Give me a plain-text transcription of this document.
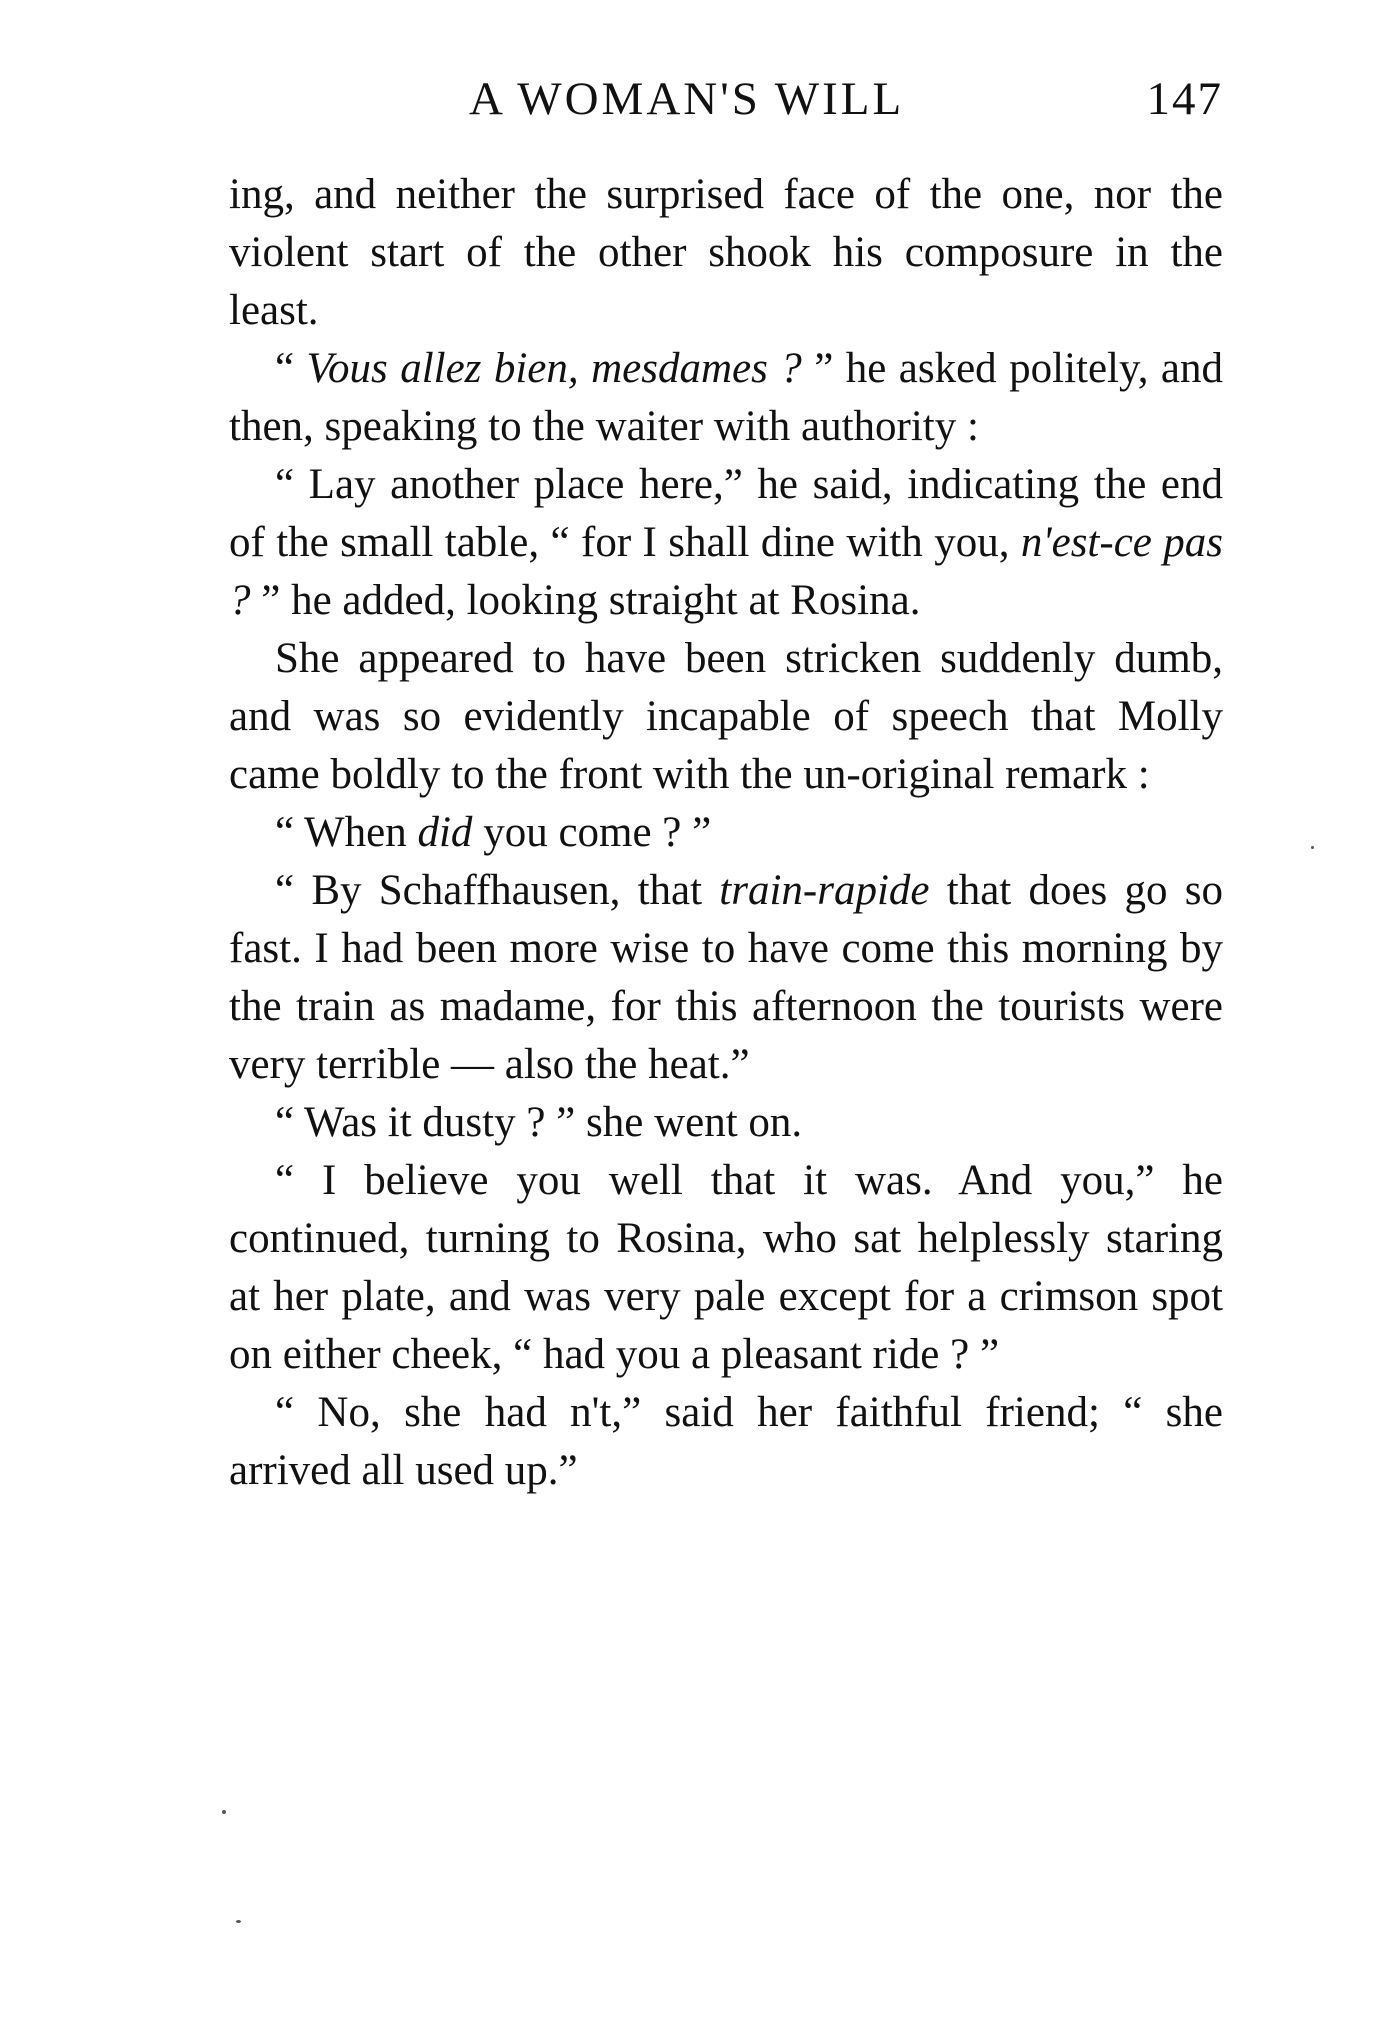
A WOMAN'S WILL	147

ing, and neither the surprised face of the one, nor the violent start of the other shook his composure in the least.

“ Vous allez bien, mesdames ? ” he asked politely, and then, speaking to the waiter with authority :

“ Lay another place here,” he said, indicating the end of the small table, “ for I shall dine with you, n'est-ce pas ? ” he added, looking straight at Rosina.

She appeared to have been stricken suddenly dumb, and was so evidently incapable of speech that Molly came boldly to the front with the un-original remark :

“ When did you come ? ”

“ By Schaffhausen, that train-rapide that does go so fast. I had been more wise to have come this morning by the train as madame, for this afternoon the tourists were very terrible — also the heat.”

“ Was it dusty ? ” she went on.

“ I believe you well that it was. And you,” he continued, turning to Rosina, who sat helplessly staring at her plate, and was very pale except for a crimson spot on either cheek, “ had you a pleasant ride ? ”

“ No, she had n't,” said her faithful friend; “ she arrived all used up.”
